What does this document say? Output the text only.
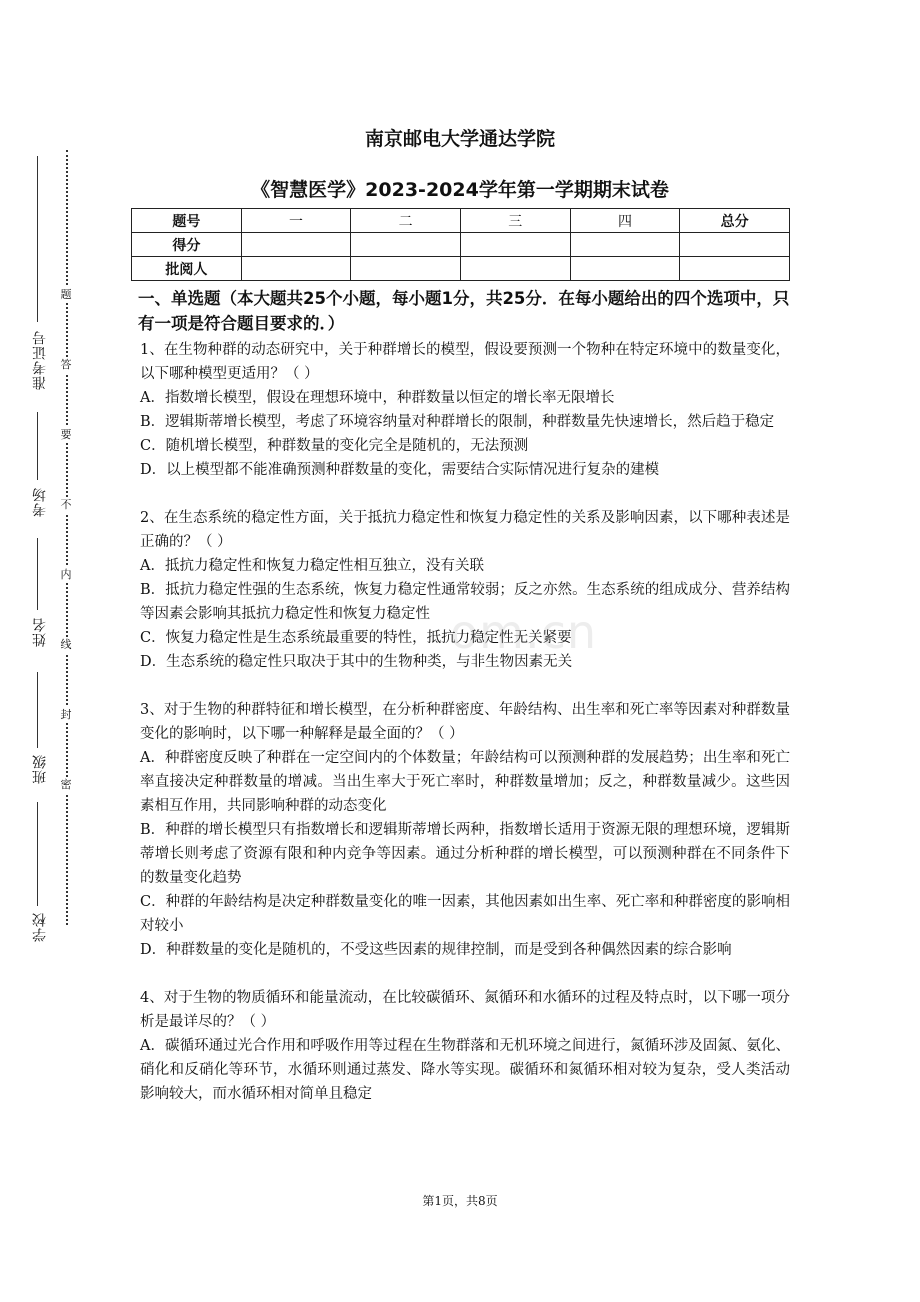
准考证号
考场
姓名
班级
学校
题
答
要
不
内
线
封
密
南京邮电大学通达学院
《智慧医学》2023-2024学年第一学期期末试卷
题号	一	二	三	四	总分
得分					
批阅人					

一、单选题（本大题共25个小题，每小题1分，共25分．在每小题给出的四个选项中，只有一项是符合题目要求的．）

1、在生物种群的动态研究中，关于种群增长的模型，假设要预测一个物种在特定环境中的数量变化，以下哪种模型更适用？（ ）

A．指数增长模型，假设在理想环境中，种群数量以恒定的增长率无限增长

B．逻辑斯蒂增长模型，考虑了环境容纳量对种群增长的限制，种群数量先快速增长，然后趋于稳定

C．随机增长模型，种群数量的变化完全是随机的，无法预测

D．以上模型都不能准确预测种群数量的变化，需要结合实际情况进行复杂的建模

2、在生态系统的稳定性方面，关于抵抗力稳定性和恢复力稳定性的关系及影响因素，以下哪种表述是正确的？（ ）

A．抵抗力稳定性和恢复力稳定性相互独立，没有关联

B．抵抗力稳定性强的生态系统，恢复力稳定性通常较弱；反之亦然。生态系统的组成成分、营养结构等因素会影响其抵抗力稳定性和恢复力稳定性

C．恢复力稳定性是生态系统最重要的特性，抵抗力稳定性无关紧要

D．生态系统的稳定性只取决于其中的生物种类，与非生物因素无关

3、对于生物的种群特征和增长模型，在分析种群密度、年龄结构、出生率和死亡率等因素对种群数量变化的影响时，以下哪一种解释是最全面的？（ ）

A．种群密度反映了种群在一定空间内的个体数量；年龄结构可以预测种群的发展趋势；出生率和死亡率直接决定种群数量的增减。当出生率大于死亡率时，种群数量增加；反之，种群数量减少。这些因素相互作用，共同影响种群的动态变化

B．种群的增长模型只有指数增长和逻辑斯蒂增长两种，指数增长适用于资源无限的理想环境，逻辑斯蒂增长则考虑了资源有限和种内竞争等因素。通过分析种群的增长模型，可以预测种群在不同条件下的数量变化趋势

C．种群的年龄结构是决定种群数量变化的唯一因素，其他因素如出生率、死亡率和种群密度的影响相对较小

D．种群数量的变化是随机的，不受这些因素的规律控制，而是受到各种偶然因素的综合影响

4、对于生物的物质循环和能量流动，在比较碳循环、氮循环和水循环的过程及特点时，以下哪一项分析是最详尽的？（ ）

A．碳循环通过光合作用和呼吸作用等过程在生物群落和无机环境之间进行，氮循环涉及固氮、氨化、硝化和反硝化等环节，水循环则通过蒸发、降水等实现。碳循环和氮循环相对较为复杂，受人类活动影响较大，而水循环相对简单且稳定

om.cn
第1页，共8页
